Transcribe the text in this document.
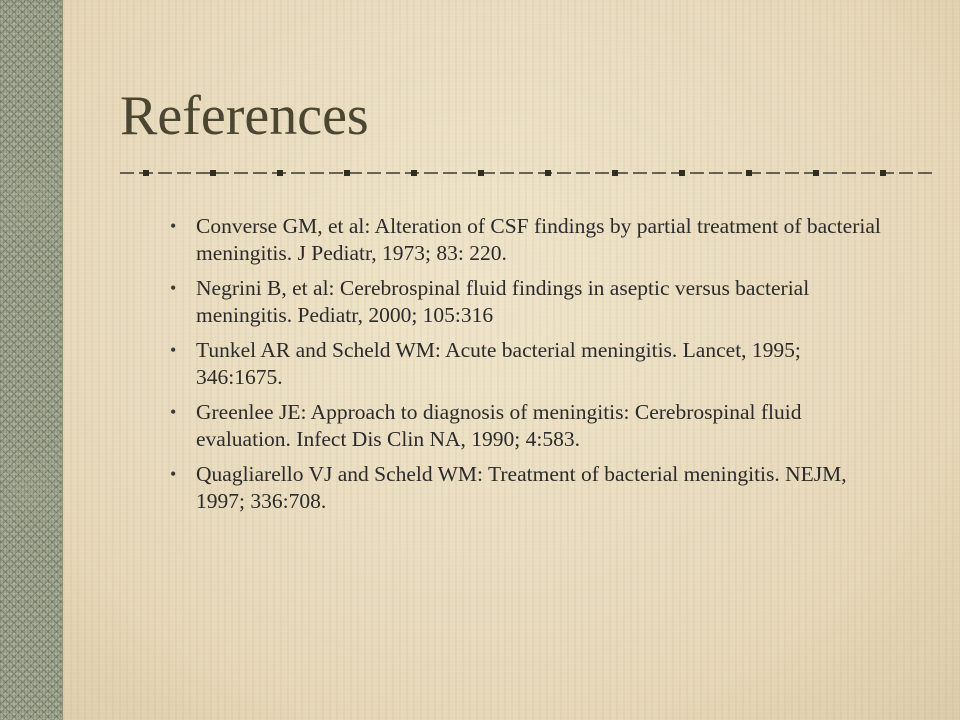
References
• Converse GM, et al: Alteration of CSF findings by partial treatment of bacterial meningitis. J Pediatr, 1973; 83: 220.
• Negrini B, et al: Cerebrospinal fluid findings in aseptic versus bacterial meningitis. Pediatr, 2000; 105:316
• Tunkel AR and Scheld WM: Acute bacterial meningitis. Lancet, 1995; 346:1675.
• Greenlee JE: Approach to diagnosis of meningitis: Cerebrospinal fluid evaluation. Infect Dis Clin NA, 1990; 4:583.
• Quagliarello VJ and Scheld WM: Treatment of bacterial meningitis. NEJM, 1997; 336:708.
